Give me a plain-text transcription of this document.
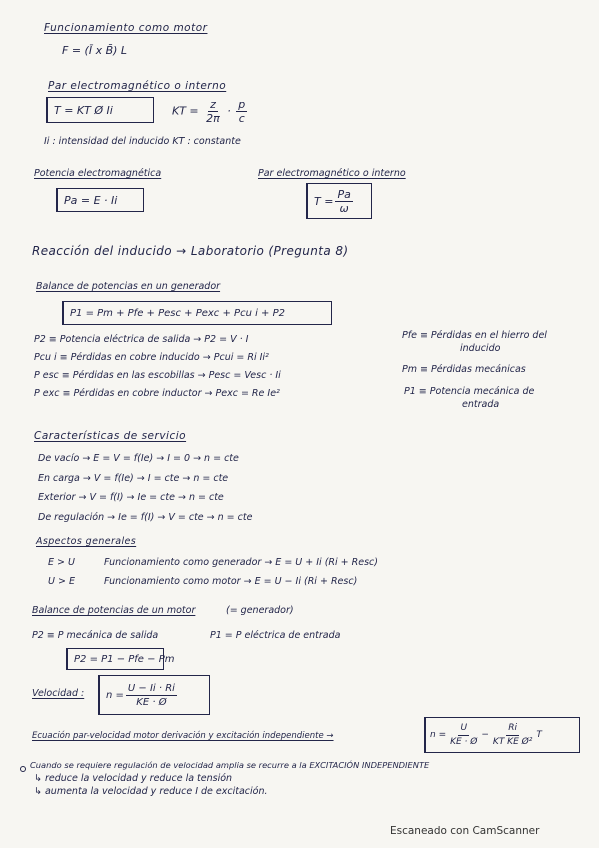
Funcionamiento como motor
F = (Ī x B̄) L
Par electromagnético o interno
T = KT Ø Ii	KT = $\frac{z}{2\pi} \cdot \frac{p}{c}$
Ii : intensidad del inducido KT : constante
Potencia electromagnética
Pa = E · Ii
Par electromagnético o interno
$T = \frac{Pa}{\omega}$
Reacción del inducido → Laboratorio (Pregunta 8)
Balance de potencias en un generador
P1 = Pm + Pfe + Pesc + Pexc + Pcu i + P2
P2 ≡ Potencia eléctrica de salida → P2 = V · I
Pcu i ≡ Pérdidas en cobre inducido → Pcui = Ri Ii²
P esc ≡ Pérdidas en las escobillas → Pesc = Vesc · Ii
P exc ≡ Pérdidas en cobre inductor → Pexc = Re Ie²
Pfe ≡ Pérdidas en el hierro del
inducido
Pm ≡ Pérdidas mecánicas
P1 ≡ Potencia mecánica de
entrada
Características de servicio
De vacío → E = V = f(Ie) → I = 0 → n = cte
En carga → V = f(Ie) → I = cte → n = cte
Exterior → V = f(I) → Ie = cte → n = cte
De regulación → Ie = f(I) → V = cte → n = cte
Aspectos generales
E > U	Funcionamiento como generador → E = U + Ii (Ri + Resc)
U > E	Funcionamiento como motor → E = U − Ii (Ri + Resc)
Balance de potencias de un motor	(= generador)
P2 ≡ P mecánica de salida	P1 = P eléctrica de entrada
P2 = P1 − Pfe − Pm
Velocidad : $n = \frac{U - Ii \cdot Ri}{KE \cdot Ø}$
Ecuación par-velocidad motor derivación y excitación independiente →	$n = \frac{U}{KE \cdot Ø} - \frac{Ri}{\text{KT KE Ø²}}$ T
Cuando se requiere regulación de velocidad amplia se recurre a la EXCITACIÓN INDEPENDIENTE
↳ reduce la velocidad y reduce la tensión
↳ aumenta la velocidad y reduce I de excitación.
Escaneado con CamScanner
